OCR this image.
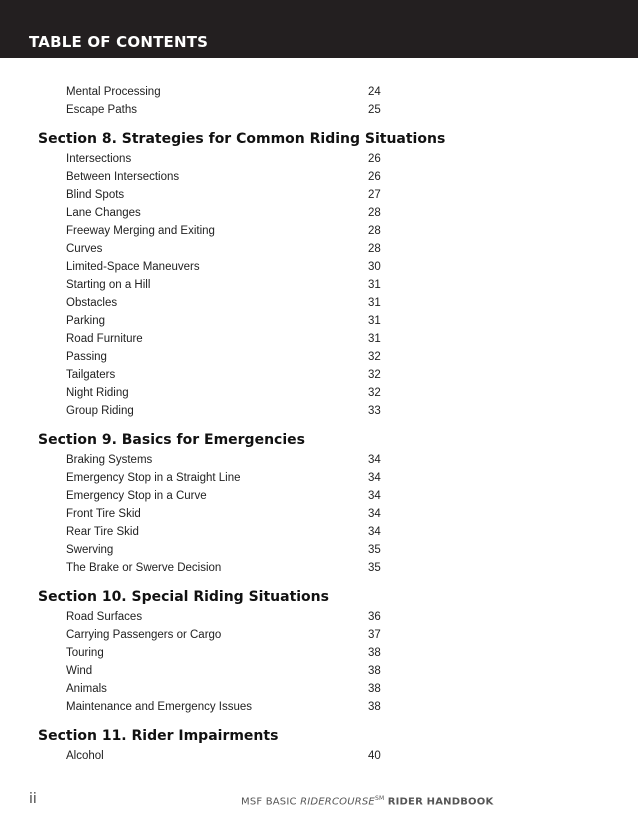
TABLE OF CONTENTS
Mental Processing	24
Escape Paths	25
Section 8. Strategies for Common Riding Situations
Intersections	26
Between Intersections	26
Blind Spots	27
Lane Changes	28
Freeway Merging and Exiting	28
Curves	28
Limited-Space Maneuvers	30
Starting on a Hill	31
Obstacles	31
Parking	31
Road Furniture	31
Passing	32
Tailgaters	32
Night Riding	32
Group Riding	33
Section 9. Basics for Emergencies
Braking Systems	34
Emergency Stop in a Straight Line	34
Emergency Stop in a Curve	34
Front Tire Skid	34
Rear Tire Skid	34
Swerving	35
The Brake or Swerve Decision	35
Section 10. Special Riding Situations
Road Surfaces	36
Carrying Passengers or Cargo	37
Touring	38
Wind	38
Animals	38
Maintenance and Emergency Issues	38
Section 11. Rider Impairments
Alcohol	40
ii	MSF BASIC RIDERCOURSE℠ RIDER HANDBOOK
